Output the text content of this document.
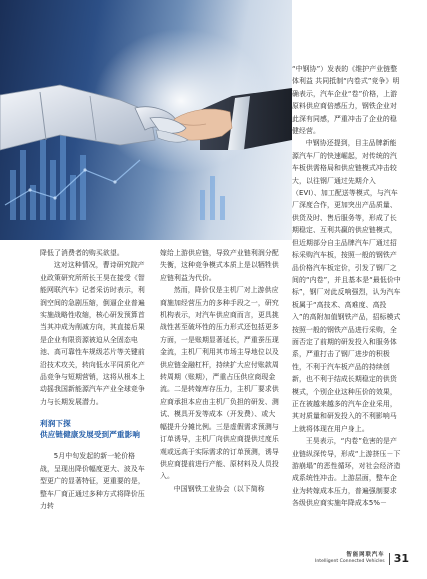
降低了消费者的购买欲望。

这对这种情况，曹诗研究院产业政策研究所所长王昊在接受《智能网联汽车》记者采访时表示，利润空间的急剧压缩，倒逼企业普遍实施战略性收缩，核心研发预算首当其冲成为削减方向，其直接后果是企业有限资源被迫从全固态电池、高可靠性车规级芯片等关键前沿技术攻关，转向低水平同质化产品竞争与短期营销，这将从根本上动摇我国新能源汽车产业全球竞争力与长期发展潜力。

利润下探
供应链健康发展受到严重影响

5月中旬发起的新一轮价格战，呈现出降价幅度更大、波及车型更广的显著特征，更重要的是，整车厂商正通过多种方式将降价压力转

嫁给上游供应链，导致产业链利润分配失衡，这种竞争模式本质上是以牺牲供应链利益为代价。

然而，降价仅是主机厂对上游供应商施加经营压力的多种手段之一，研究机构表示，对汽车供应商而言，更具挑战性甚至破坏性的压力形式还包括更多方面，一是账期显著延长，严重蚕压现金流，主机厂利用其市场主导地位以及供应链金融杠杆，持续扩大应付账款周转周期（账期），严重占压供应商现金流。二是转嫁库存压力，主机厂要求供应商承担本应由主机厂负担的研发、测试、模具开发等成本（开发费）、或大幅提升分摊比例。三是虚假需求预测与订单诱导，主机厂向供应商提供过度乐观或远高于实际需求的订单预测，诱导供应商提前进行产能、原材料及人员投入。

中国钢铁工业协会（以下简称

“中钢协”）发表的《维护产业链整体利益 共同抵制“内卷式”竞争》明确表示，汽车企业“卷”价格，上游原料供应商倍感压力，钢铁企业对此深有同感，严重冲击了企业的稳健经营。

中钢协还提到，目主品牌新能源汽车厂的快速崛起，对传统的汽车板供需格局和供应链模式冲击较大，以往钢厂通过先期介入（EVI）、加工配送等模式，与汽车厂深度合作，更加突出产品质量、供货及时、售后服务等，形成了长期稳定、互利共赢的供应链模式，但近期部分自主品牌汽车厂通过招标采购汽车板，按照一般的钢铁产品价格汽车板定价，引发了钢厂之间的“内卷”，并且基本是“最低价中标”，钢厂对此反响强烈，认为汽车板属于“高技术、高难度、高投入”的高附加值钢铁产品，招标模式按照一般的钢铁产品进行采购，全面否定了前期的研发投入和服务体系，严重打击了钢厂进步的积极性，不利于汽车板产品的持续创新，也不利于结成长期稳定的供货模式，个别企业这种压价的效果，正在被越来越多的汽车企业采用，其对质量和研发投入的不利影响马上就将体现在用户身上。

王昊表示，“内卷”危害的是产业链纵深传导，形成“上游挤压－下游崩塌”的恶性循环，对社会经济造成系统性冲击。上游层面，整车企业为转嫁成本压力，普遍强制要求各级供应商实施年降成本5%－

智能网联汽车
Intelligent Connected Vehicles 31
